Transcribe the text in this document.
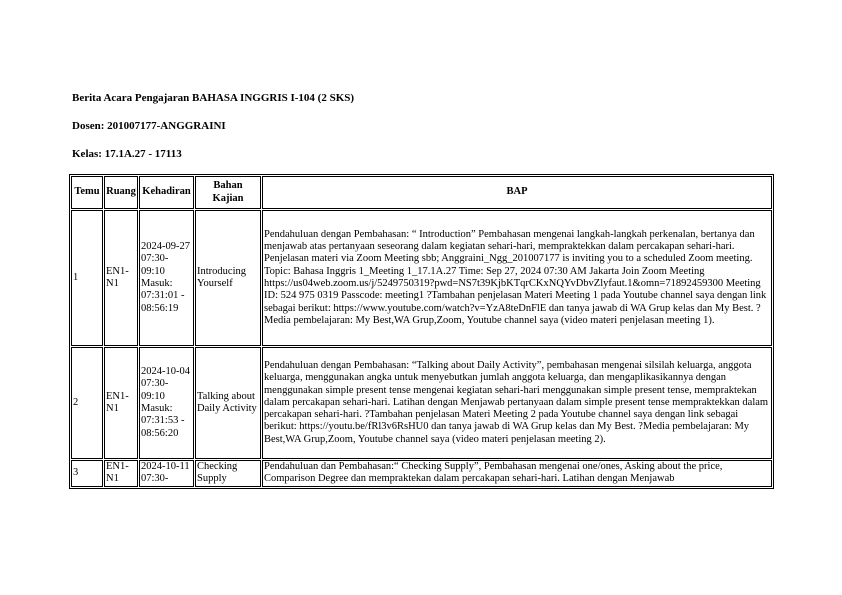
Berita Acara Pengajaran BAHASA INGGRIS I-104 (2 SKS)
Dosen: 201007177-ANGGRAINI
Kelas: 17.1A.27 - 17113
Temu	Ruang	Kehadiran	Bahan Kajian	BAP
1	EN1-N1	2024-09-27 07:30-09:10 Masuk: 07:31:01 - 08:56:19	Introducing Yourself	Pendahuluan dengan Pembahasan: “ Introduction” Pembahasan mengenai langkah-langkah perkenalan, bertanya dan menjawab atas pertanyaan seseorang dalam kegiatan sehari-hari, mempraktekkan dalam percakapan sehari-hari. Penjelasan materi via Zoom Meeting sbb; Anggraini_Ngg_201007177 is inviting you to a scheduled Zoom meeting. Topic: Bahasa Inggris 1_Meeting 1_17.1A.27 Time: Sep 27, 2024 07:30 AM Jakarta Join Zoom Meeting https://us04web.zoom.us/j/5249750319?pwd=NS7t39KjbKTqrCKxNQYvDbvZlyfaut.1&omn=71892459300 Meeting ID: 524 975 0319 Passcode: meeting1 ?Tambahan penjelasan Materi Meeting 1 pada Youtube channel saya dengan link sebagai berikut: https://www.youtube.com/watch?v=YzA8teDnFlE dan tanya jawab di WA Grup kelas dan My Best. ?Media pembelajaran: My Best,WA Grup,Zoom, Youtube channel saya (video materi penjelasan meeting 1).
2	EN1-N1	2024-10-04 07:30-09:10 Masuk: 07:31:53 - 08:56:20	Talking about Daily Activity	Pendahuluan dengan Pembahasan: “Talking about Daily Activity”, pembahasan mengenai silsilah keluarga, anggota keluarga, menggunakan angka untuk menyebutkan jumlah anggota keluarga, dan mengaplikasikannya dengan menggunakan simple present tense mengenai kegiatan sehari-hari menggunakan simple present tense, mempraktekan dalam percakapan sehari-hari. Latihan dengan Menjawab pertanyaan dalam simple present tense mempraktekkan dalam percakapan sehari-hari. ?Tambahan penjelasan Materi Meeting 2 pada Youtube channel saya dengan link sebagai berikut: https://youtu.be/fRl3v6RsHU0 dan tanya jawab di WA Grup kelas dan My Best. ?Media pembelajaran: My Best,WA Grup,Zoom, Youtube channel saya (video materi penjelasan meeting 2).
3	EN1-N1	2024-10-11 07:30-	Checking Supply	Pendahuluan dan Pembahasan:“ Checking Supply”, Pembahasan mengenai one/ones, Asking about the price, Comparison Degree dan mempraktekan dalam percakapan sehari-hari. Latihan dengan Menjawab
